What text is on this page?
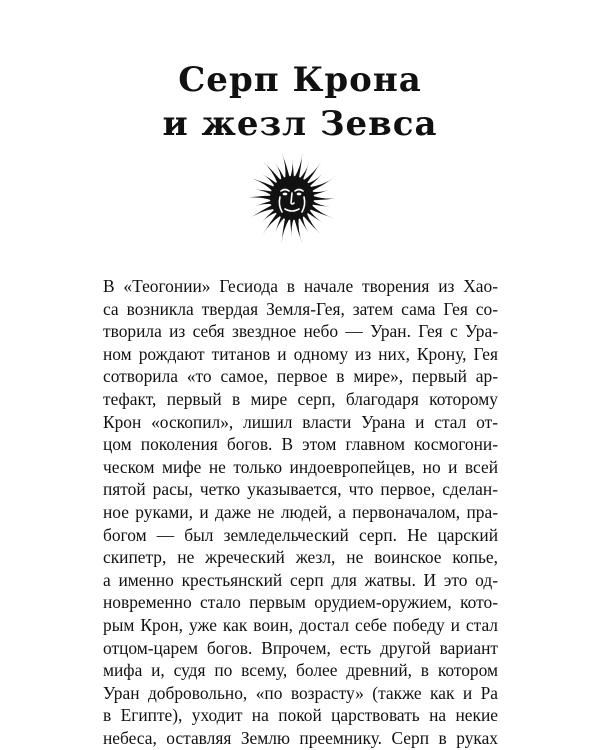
Серп Крона
и жезл Зевса
В «Теогонии» Гесиода в начале творения из Хао-
са возникла твердая Земля-Гея, затем сама Гея со-
творила из себя звездное небо — Уран. Гея с Ура-
ном рождают титанов и одному из них, Крону, Гея
сотворила «то самое, первое в мире», первый ар-
тефакт, первый в мире серп, благодаря которому
Крон «оскопил», лишил власти Урана и стал от-
цом поколения богов. В этом главном космогони-
ческом мифе не только индоевропейцев, но и всей
пятой расы, четко указывается, что первое, сделан-
ное руками, и даже не людей, а первоначалом, пра-
богом — был земледельческий серп. Не царский
скипетр, не жреческий жезл, не воинское копье,
а именно крестьянский серп для жатвы. И это од-
новременно стало первым орудием-оружием, кото-
рым Крон, уже как воин, достал себе победу и стал
отцом-царем богов. Впрочем, есть другой вариант
мифа и, судя по всему, более древний, в котором
Уран добровольно, «по возрасту» (также как и Ра
в Египте), уходит на покой царствовать на некие
небеса, оставляя Землю преемнику. Серп в руках
